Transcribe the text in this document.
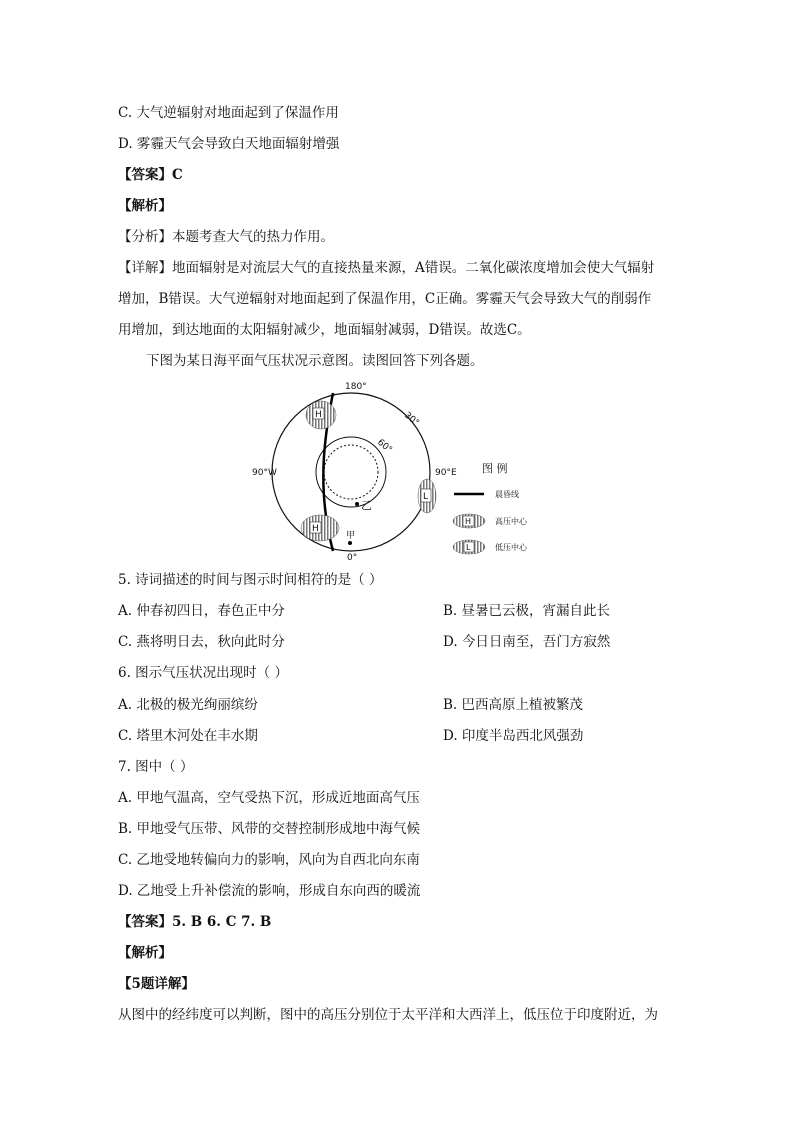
C. 大气逆辐射对地面起到了保温作用
D. 雾霾天气会导致白天地面辐射增强
【答案】C
【解析】
【分析】本题考查大气的热力作用。
【详解】地面辐射是对流层大气的直接热量来源，A错误。二氧化碳浓度增加会使大气辐射
增加，B错误。大气逆辐射对地面起到了保温作用，C正确。雾霾天气会导致大气的削弱作
用增加，到达地面的太阳辐射减少，地面辐射减弱，D错误。故选C。
下图为某日海平面气压状况示意图。读图回答下列各题。
180°
0°
90°W	90°E
30°
60°
H
H
L
乙
甲
图 例
晨昏线
H	高压中心
L	低压中心
5. 诗词描述的时间与图示时间相符的是（ ）
A. 仲春初四日，春色正中分	B. 昼暑已云极，宵漏自此长
C. 燕将明日去，秋向此时分	D. 今日日南至，吾门方寂然
6. 图示气压状况出现时（ ）
A. 北极的极光绚丽缤纷	B. 巴西高原上植被繁茂
C. 塔里木河处在丰水期	D. 印度半岛西北风强劲
7. 图中（ ）
A. 甲地气温高，空气受热下沉，形成近地面高气压
B. 甲地受气压带、风带的交替控制形成地中海气候
C. 乙地受地转偏向力的影响，风向为自西北向东南
D. 乙地受上升补偿流的影响，形成自东向西的暖流
【答案】5. B 6. C 7. B
【解析】
【5题详解】
从图中的经纬度可以判断，图中的高压分别位于太平洋和大西洋上，低压位于印度附近，为
